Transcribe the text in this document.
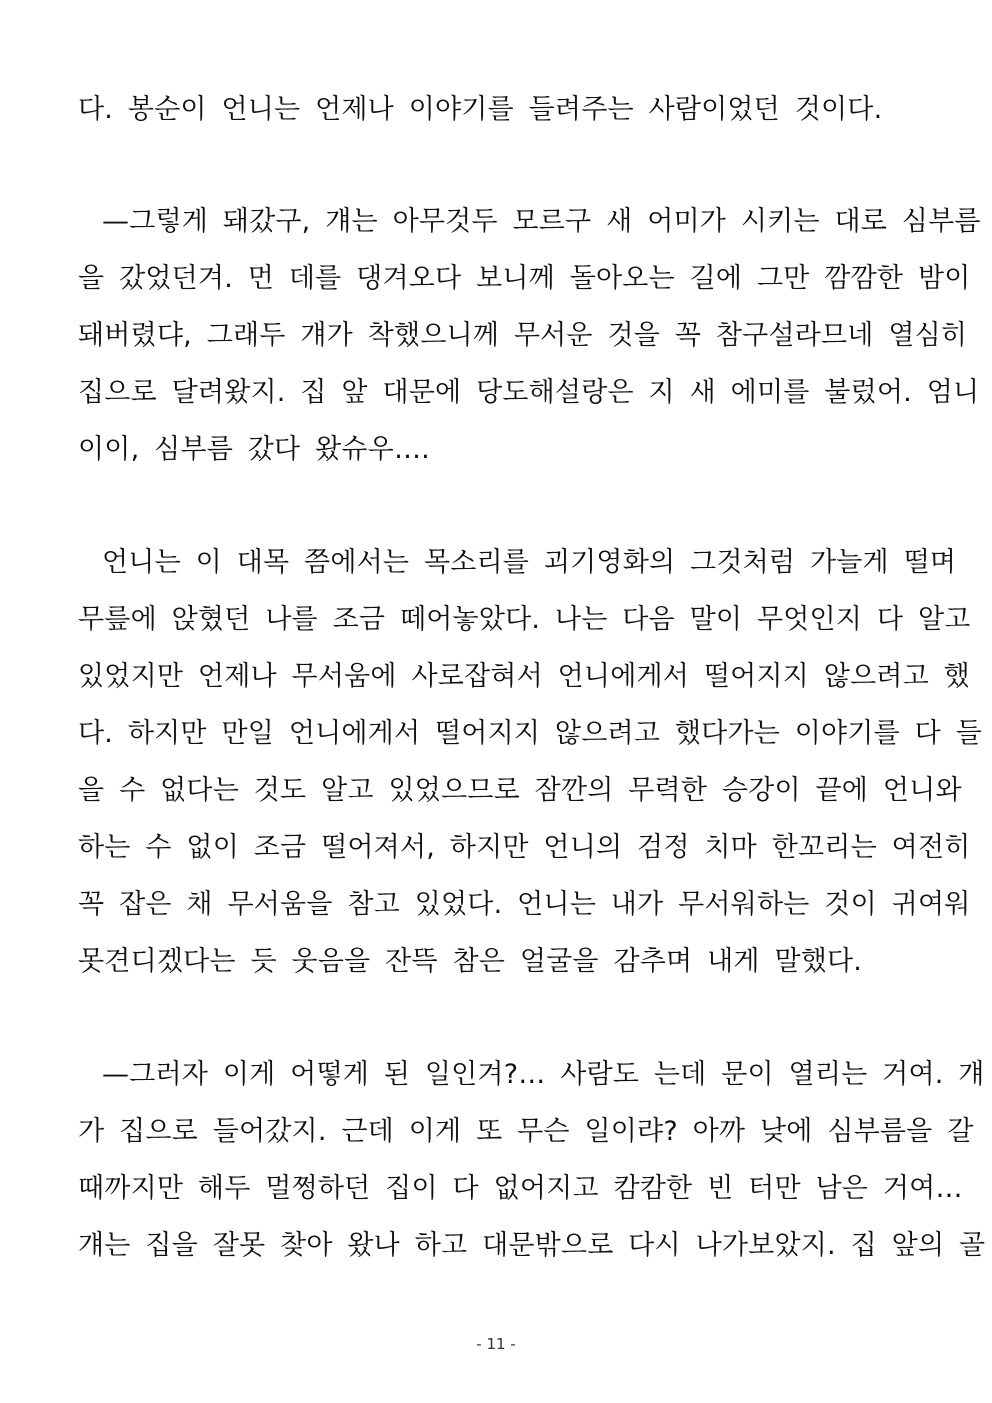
다. 봉순이 언니는 언제나 이야기를 들려주는 사람이었던 것이다.
—그렇게 돼갔구, 걔는 아무것두 모르구 새 어미가 시키는 대로 심부름
을 갔었던겨. 먼 데를 댕겨오다 보니께 돌아오는 길에 그만 깜깜한 밤이
돼버렸댜, 그래두 걔가 착했으니께 무서운 것을 꼭 참구설라므네 열심히
집으로 달려왔지. 집 앞 대문에 당도해설랑은 지 새 에미를 불렀어. 엄니
이이, 심부름 갔다 왔슈우….
언니는 이 대목 쯤에서는 목소리를 괴기영화의 그것처럼 가늘게 떨며
무릎에 앉혔던 나를 조금 떼어놓았다. 나는 다음 말이 무엇인지 다 알고
있었지만 언제나 무서움에 사로잡혀서 언니에게서 떨어지지 않으려고 했
다. 하지만 만일 언니에게서 떨어지지 않으려고 했다가는 이야기를 다 들
을 수 없다는 것도 알고 있었으므로 잠깐의 무력한 승강이 끝에 언니와
하는 수 없이 조금 떨어져서, 하지만 언니의 검정 치마 한꼬리는 여전히
꼭 잡은 채 무서움을 참고 있었다. 언니는 내가 무서워하는 것이 귀여워
못견디겠다는 듯 웃음을 잔뜩 참은 얼굴을 감추며 내게 말했다.
—그러자 이게 어떻게 된 일인겨?… 사람도 는데 문이 열리는 거여. 걔
가 집으로 들어갔지. 근데 이게 또 무슨 일이랴? 아까 낮에 심부름을 갈
때까지만 해두 멀쩡하던 집이 다 없어지고 캄캄한 빈 터만 남은 거여…
걔는 집을 잘못 찾아 왔나 하고 대문밖으로 다시 나가보았지. 집 앞의 골
- 11 -
